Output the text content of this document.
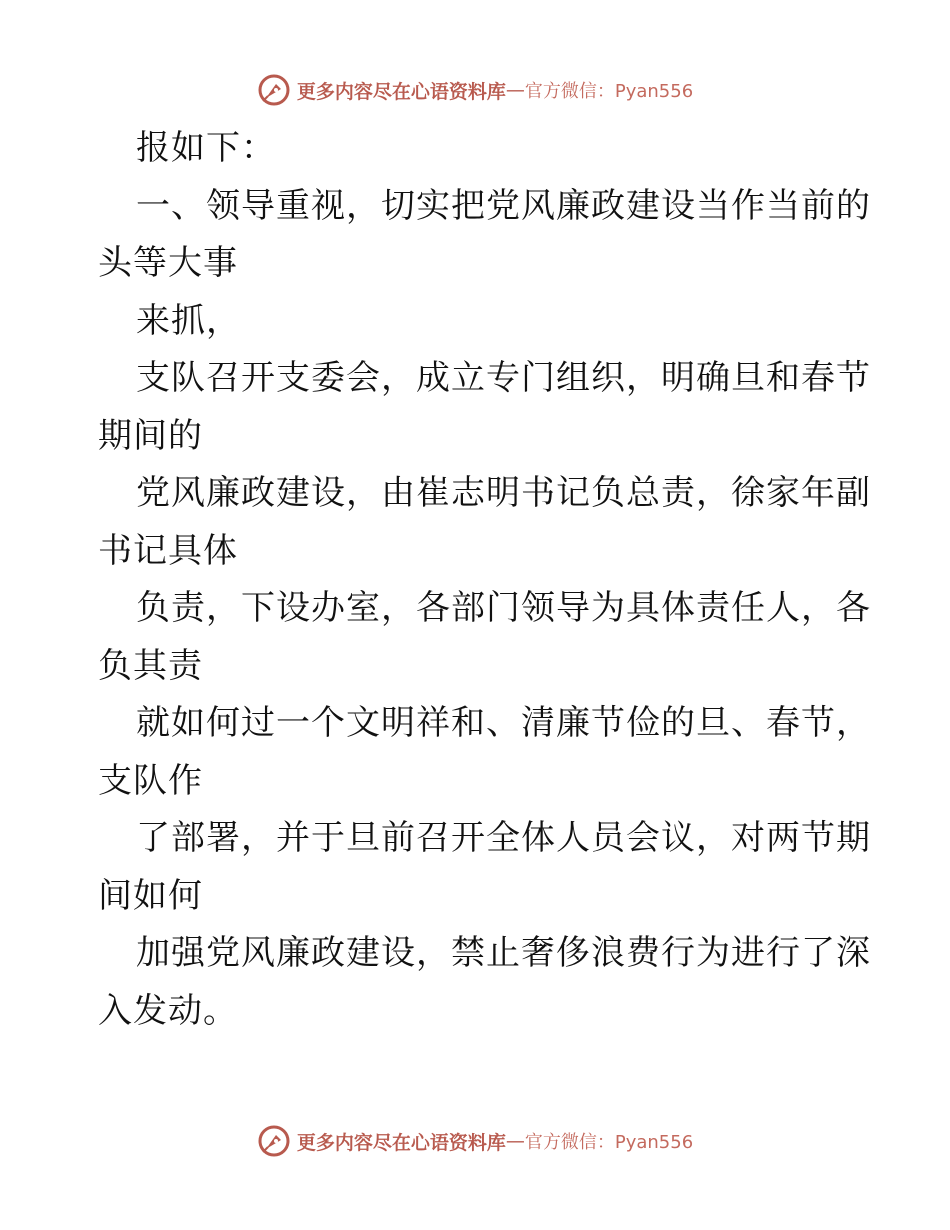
更多内容尽在心语资料库 — 官方微信：Pyan556
报如下：
一、领导重视，切实把党风廉政建设当作当前的
头等大事
来抓，
支队召开支委会，成立专门组织，明确旦和春节
期间的
党风廉政建设，由崔志明书记负总责，徐家年副
书记具体
负责，下设办室，各部门领导为具体责任人，各
负其责
就如何过一个文明祥和、清廉节俭的旦、春节，
支队作
了部署，并于旦前召开全体人员会议，对两节期
间如何
加强党风廉政建设，禁止奢侈浪费行为进行了深
入发动。
更多内容尽在心语资料库 — 官方微信：Pyan556
